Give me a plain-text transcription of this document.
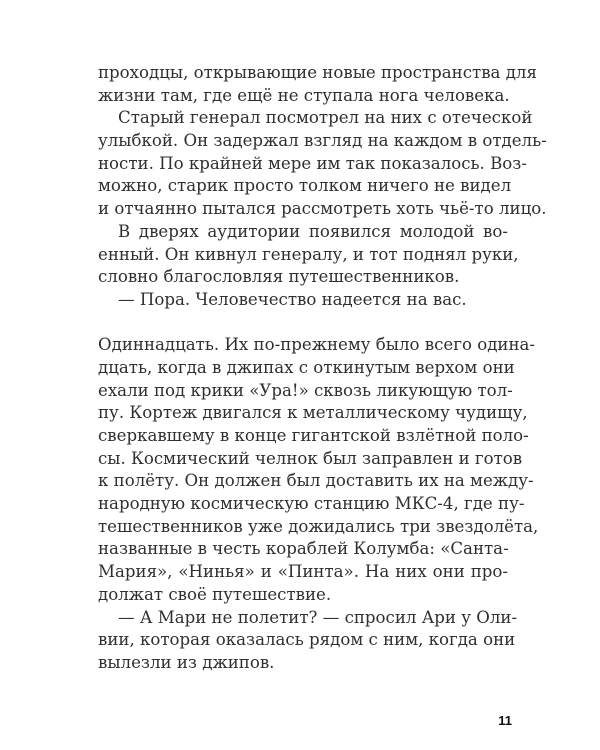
проходцы, открывающие новые пространства для
жизни там, где ещё не ступала нога человека.
Старый генерал посмотрел на них с отеческой
улыбкой. Он задержал взгляд на каждом в отдель-
ности. По крайней мере им так показалось. Воз-
можно, старик просто толком ничего не видел
и отчаянно пытался рассмотреть хоть чьё-то лицо.
В дверях аудитории появился молодой во-
енный. Он кивнул генералу, и тот поднял руки,
словно благословляя путешественников.
— Пора. Человечество надеется на вас.
Одиннадцать. Их по-прежнему было всего одина-
дцать, когда в джипах с откинутым верхом они
ехали под крики «Ура!» сквозь ликующую тол-
пу. Кортеж двигался к металлическому чудищу,
сверкавшему в конце гигантской взлётной поло-
сы. Космический челнок был заправлен и готов
к полёту. Он должен был доставить их на между-
народную космическую станцию МКС-4, где пу-
тешественников уже дожидались три звездолёта,
названные в честь кораблей Колумба: «Санта-
Мария», «Нинья» и «Пинта». На них они про-
должат своё путешествие.
— А Мари не полетит? — спросил Ари у Оли-
вии, которая оказалась рядом с ним, когда они
вылезли из джипов.
11
